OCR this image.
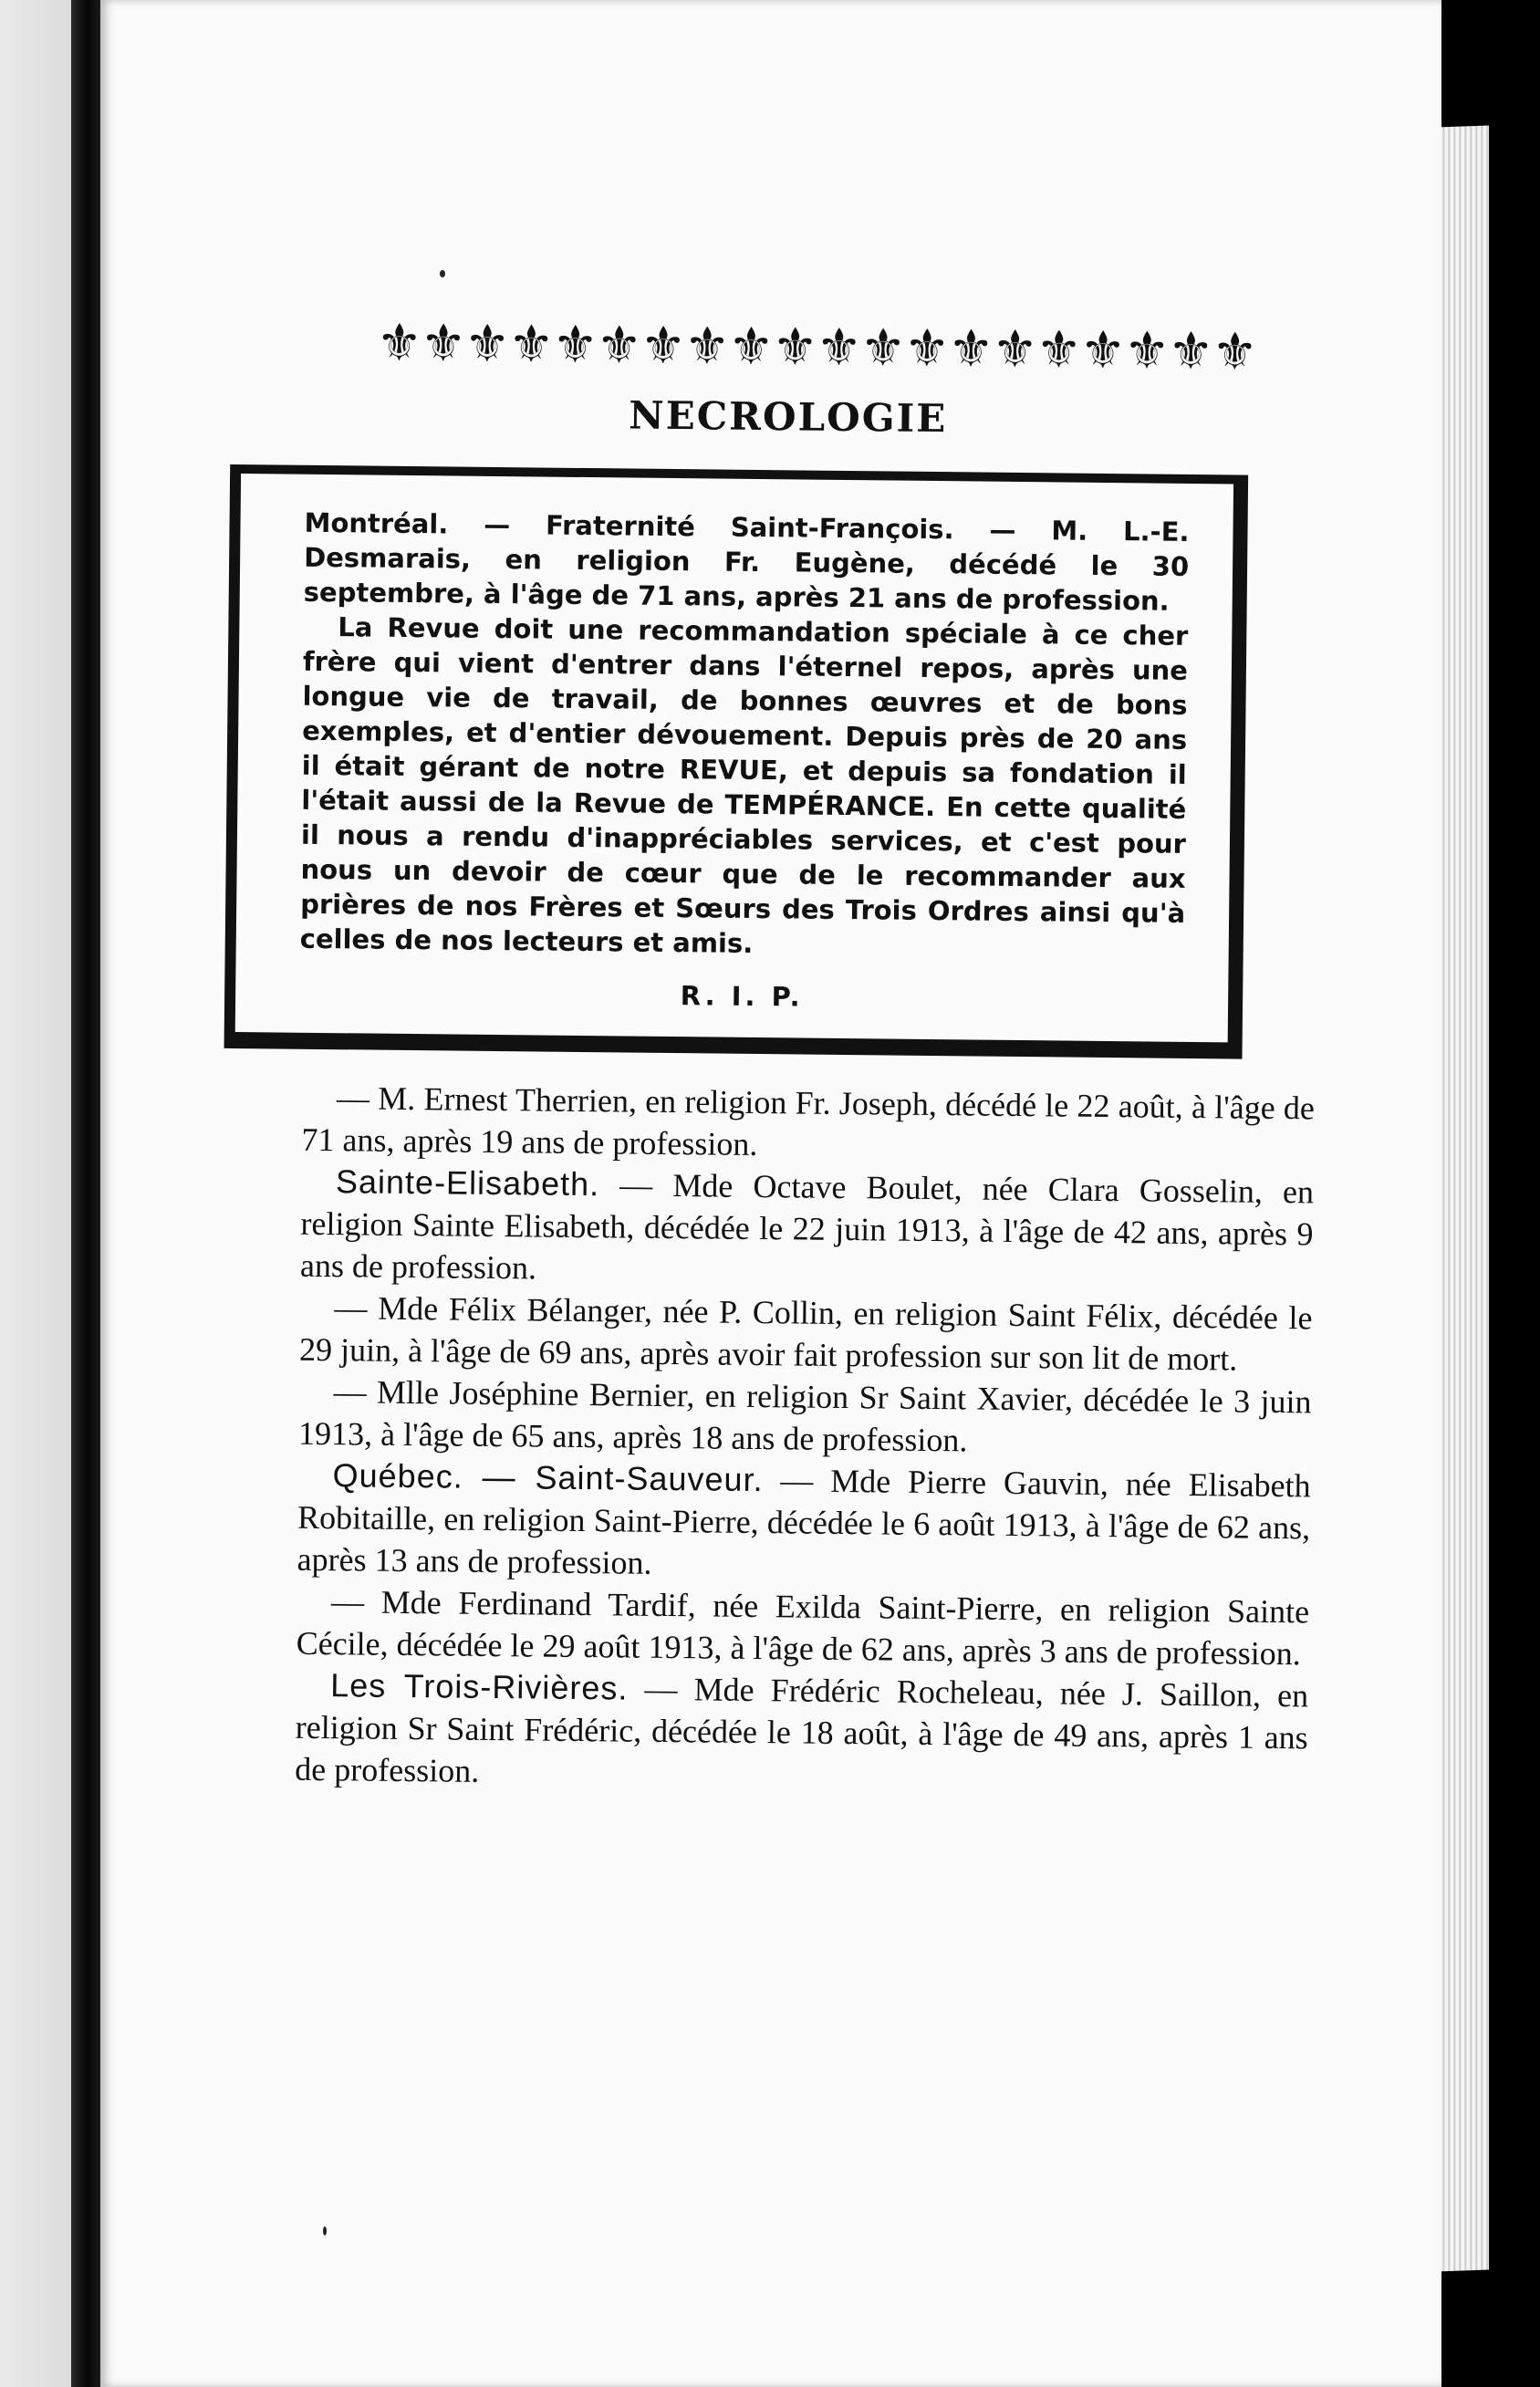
⚜⚜⚜⚜⚜⚜⚜⚜⚜⚜⚜⚜⚜⚜⚜⚜⚜⚜⚜⚜
NECROLOGIE

Montréal. — Fraternité Saint-François. — M. L.-E. Desmarais, en religion Fr. Eugène, décédé le 30 septembre, à l'âge de 71 ans, après 21 ans de profession.

La Revue doit une recommandation spéciale à ce cher frère qui vient d'entrer dans l'éternel repos, après une longue vie de travail, de bonnes œuvres et de bons exemples, et d'entier dévouement. Depuis près de 20 ans il était gérant de notre REVUE, et depuis sa fondation il l'était aussi de la Revue de TEMPÉRANCE. En cette qualité il nous a rendu d'inappréciables services, et c'est pour nous un devoir de cœur que de le recommander aux prières de nos Frères et Sœurs des Trois Ordres ainsi qu'à celles de nos lecteurs et amis.

R. I. P.

— M. Ernest Therrien, en religion Fr. Joseph, décédé le 22 août, à l'âge de 71 ans, après 19 ans de profession.

Sainte-Elisabeth. — Mde Octave Boulet, née Clara Gosselin, en religion Sainte Elisabeth, décédée le 22 juin 1913, à l'âge de 42 ans, après 9 ans de profession.

— Mde Félix Bélanger, née P. Collin, en religion Saint Félix, décédée le 29 juin, à l'âge de 69 ans, après avoir fait profession sur son lit de mort.

— Mlle Joséphine Bernier, en religion Sr Saint Xavier, décédée le 3 juin 1913, à l'âge de 65 ans, après 18 ans de profession.

Québec. — Saint-Sauveur. — Mde Pierre Gauvin, née Elisabeth Robitaille, en religion Saint-Pierre, décédée le 6 août 1913, à l'âge de 62 ans, après 13 ans de profession.

— Mde Ferdinand Tardif, née Exilda Saint-Pierre, en religion Sainte Cécile, décédée le 29 août 1913, à l'âge de 62 ans, après 3 ans de profession.

Les Trois-Rivières. — Mde Frédéric Rocheleau, née J. Saillon, en religion Sr Saint Frédéric, décédée le 18 août, à l'âge de 49 ans, après 1 ans de profession.
